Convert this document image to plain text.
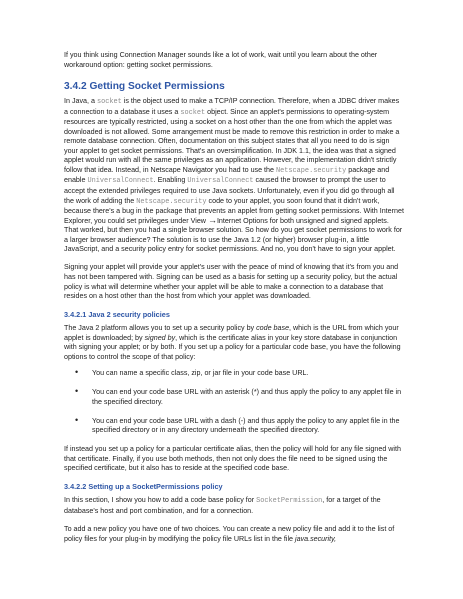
If you think using Connection Manager sounds like a lot of work, wait until you learn about the other workaround option: getting socket permissions.

3.4.2 Getting Socket Permissions

In Java, a socket is the object used to make a TCP/IP connection. Therefore, when a JDBC driver makes a connection to a database it uses a socket object. Since an applet's permissions to operating-system resources are typically restricted, using a socket on a host other than the one from which the applet was downloaded is not allowed. Some arrangement must be made to remove this restriction in order to make a remote database connection. Often, documentation on this subject states that all you need to do is sign your applet to get socket permissions. That's an oversimplification. In JDK 1.1, the idea was that a signed applet would run with all the same privileges as an application. However, the implementation didn't strictly follow that idea. Instead, in Netscape Navigator you had to use the Netscape.security package and enable UniversalConnect. Enabling UniversalConnect caused the browser to prompt the user to accept the extended privileges required to use Java sockets. Unfortunately, even if you did go through all the work of adding the Netscape.security code to your applet, you soon found that it didn't work, because there's a bug in the package that prevents an applet from getting socket permissions. With Internet Explorer, you could set privileges under View →Internet Options for both unsigned and signed applets. That worked, but then you had a single browser solution. So how do you get socket permissions to work for a larger browser audience? The solution is to use the Java 1.2 (or higher) browser plug-in, a little JavaScript, and a security policy entry for socket permissions. And no, you don't have to sign your applet.

Signing your applet will provide your applet's user with the peace of mind of knowing that it's from you and has not been tampered with. Signing can be used as a basis for setting up a security policy, but the actual policy is what will determine whether your applet will be able to make a connection to a database that resides on a host other than the host from which your applet was downloaded.

3.4.2.1 Java 2 security policies

The Java 2 platform allows you to set up a security policy by code base, which is the URL from which your applet is downloaded; by signed by, which is the certificate alias in your key store database in conjunction with signing your applet; or by both. If you set up a policy for a particular code base, you have the following options to control the scope of that policy:

• You can name a specific class, zip, or jar file in your code base URL.
• You can end your code base URL with an asterisk (*) and thus apply the policy to any applet file in the specified directory.
• You can end your code base URL with a dash (-) and thus apply the policy to any applet file in the specified directory or in any directory underneath the specified directory.

If instead you set up a policy for a particular certificate alias, then the policy will hold for any file signed with that certificate. Finally, if you use both methods, then not only does the file need to be signed using the specified certificate, but it also has to reside at the specified code base.

3.4.2.2 Setting up a SocketPermissions policy

In this section, I show you how to add a code base policy for SocketPermission, for a target of the database's host and port combination, and for a connection.

To add a new policy you have one of two choices. You can create a new policy file and add it to the list of policy files for your plug-in by modifying the policy file URLs list in the file java.security,
